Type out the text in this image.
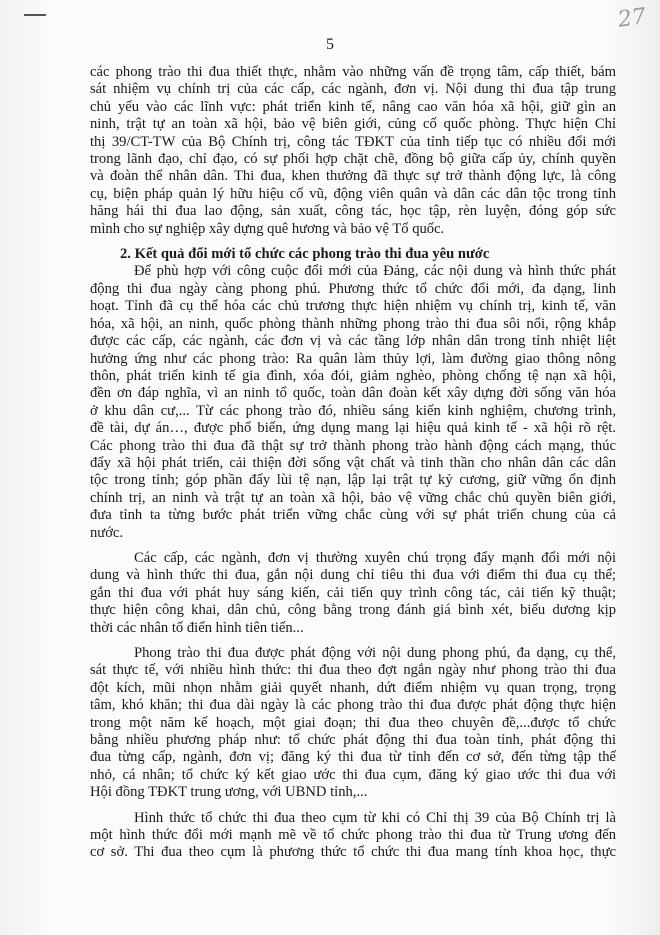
27
5
các phong trào thi đua thiết thực, nhằm vào những vấn đề trọng tâm, cấp thiết, bám
sát nhiệm vụ chính trị của các cấp, các ngành, đơn vị. Nội dung thi đua tập trung
chủ yếu vào các lĩnh vực: phát triển kinh tế, nâng cao văn hóa xã hội, giữ gìn an
ninh, trật tự an toàn xã hội, bảo vệ biên giới, củng cố quốc phòng. Thực hiện Chỉ
thị 39/CT-TW của Bộ Chính trị, công tác TĐKT của tỉnh tiếp tục có nhiều đổi mới
trong lãnh đạo, chỉ đạo, có sự phối hợp chặt chẽ, đồng bộ giữa cấp ủy, chính quyền
và đoàn thể nhân dân. Thi đua, khen thưởng đã thực sự trở thành động lực, là công
cụ, biện pháp quản lý hữu hiệu cổ vũ, động viên quân và dân các dân tộc trong tỉnh
hăng hái thi đua lao động, sản xuất, công tác, học tập, rèn luyện, đóng góp sức
mình cho sự nghiệp xây dựng quê hương và bảo vệ Tổ quốc.
2. Kết quả đổi mới tổ chức các phong trào thi đua yêu nước
Để phù hợp với công cuộc đổi mới của Đảng, các nội dung và hình thức phát
động thi đua ngày càng phong phú. Phương thức tổ chức đổi mới, đa dạng, linh
hoạt. Tỉnh đã cụ thể hóa các chủ trương thực hiện nhiệm vụ chính trị, kinh tế, văn
hóa, xã hội, an ninh, quốc phòng thành những phong trào thi đua sôi nổi, rộng khắp
được các cấp, các ngành, các đơn vị và các tầng lớp nhân dân trong tỉnh nhiệt liệt
hưởng ứng như các phong trào: Ra quân làm thủy lợi, làm đường giao thông nông
thôn, phát triển kinh tế gia đình, xóa đói, giảm nghèo, phòng chống tệ nạn xã hội,
đền ơn đáp nghĩa, vì an ninh tổ quốc, toàn dân đoàn kết xây dựng đời sống văn hóa
ở khu dân cư,... Từ các phong trào đó, nhiều sáng kiến kinh nghiệm, chương trình,
đề tài, dự án…, được phổ biến, ứng dụng mang lại hiệu quả kinh tế - xã hội rõ rệt.
Các phong trào thi đua đã thật sự trở thành phong trào hành động cách mạng, thúc
đẩy xã hội phát triển, cải thiện đời sống vật chất và tinh thần cho nhân dân các dân
tộc trong tỉnh; góp phần đẩy lùi tệ nạn, lập lại trật tự kỷ cương, giữ vững ổn định
chính trị, an ninh và trật tự an toàn xã hội, bảo vệ vững chắc chủ quyền biên giới,
đưa tỉnh ta từng bước phát triển vững chắc cùng với sự phát triển chung của cả
nước.
Các cấp, các ngành, đơn vị thường xuyên chú trọng đẩy mạnh đổi mới nội
dung và hình thức thi đua, gắn nội dung chỉ tiêu thi đua với điểm thi đua cụ thể;
gắn thi đua với phát huy sáng kiến, cải tiến quy trình công tác, cải tiến kỹ thuật;
thực hiện công khai, dân chủ, công bằng trong đánh giá bình xét, biểu dương kịp
thời các nhân tố điển hình tiên tiến...
Phong trào thi đua được phát động với nội dung phong phú, đa dạng, cụ thể,
sát thực tế, với nhiều hình thức: thi đua theo đợt ngắn ngày như phong trào thi đua
đột kích, mũi nhọn nhằm giải quyết nhanh, dứt điểm nhiệm vụ quan trọng, trọng
tâm, khó khăn; thi đua dài ngày là các phong trào thi đua được phát động thực hiện
trong một năm kế hoạch, một giai đoạn; thi đua theo chuyên đề,...được tổ chức
bằng nhiều phương pháp như: tổ chức phát động thi đua toàn tỉnh, phát động thi
đua từng cấp, ngành, đơn vị; đăng ký thi đua từ tỉnh đến cơ sở, đến từng tập thể
nhỏ, cá nhân; tổ chức ký kết giao ước thi đua cụm, đăng ký giao ước thi đua với
Hội đồng TĐKT trung ương, với UBND tỉnh,...
Hình thức tổ chức thi đua theo cụm từ khi có Chỉ thị 39 của Bộ Chính trị là
một hình thức đổi mới mạnh mẽ về tổ chức phong trào thi đua từ Trung ương đến
cơ sở. Thi đua theo cụm là phương thức tổ chức thi đua mang tính khoa học, thực
